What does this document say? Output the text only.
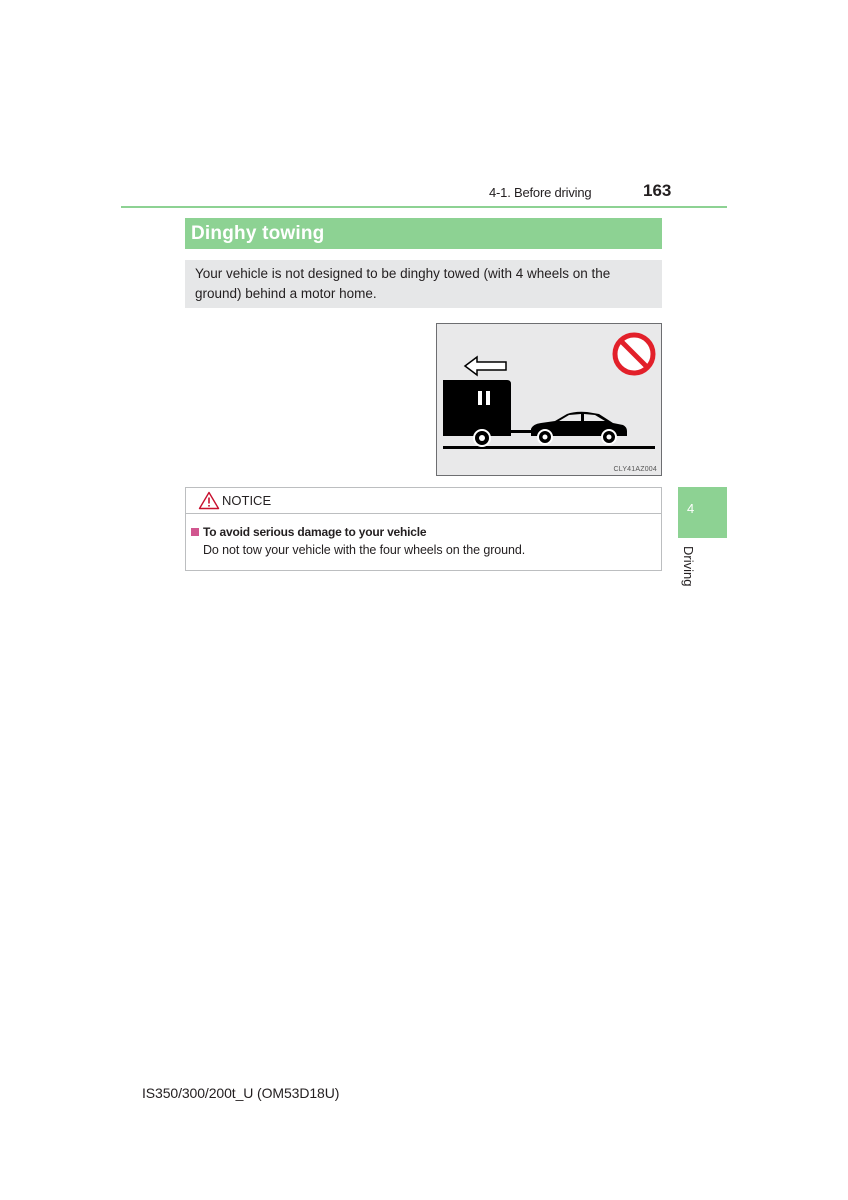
4-1. Before driving	163
Dinghy towing
Your vehicle is not designed to be dinghy towed (with 4 wheels on the ground) behind a motor home.
CLY41AZ004
NOTICE
To avoid serious damage to your vehicle
Do not tow your vehicle with the four wheels on the ground.
4
Driving
IS350/300/200t_U (OM53D18U)
